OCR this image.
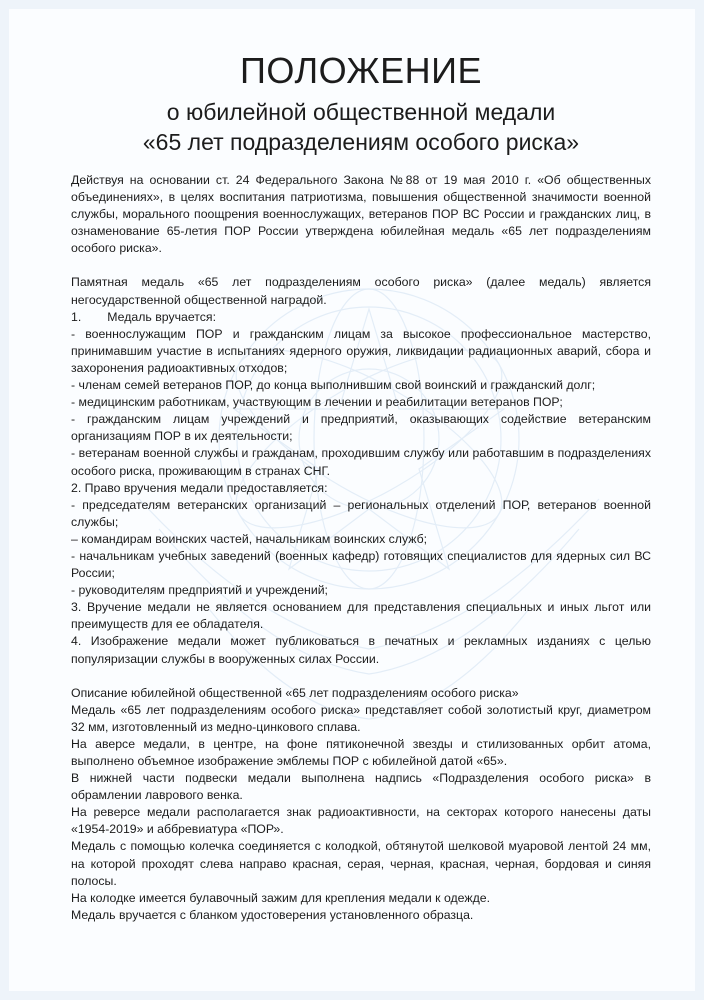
ПОЛОЖЕНИЕ
о юбилейной общественной медали
«65 лет подразделениям особого риска»

Действуя на основании ст. 24 Федерального Закона №88 от 19 мая 2010 г. «Об общественных объединениях», в целях воспитания патриотизма, повышения общественной значимости военной службы, морального поощрения военнослужащих, ветеранов ПОР ВС России и гражданских лиц, в ознаменование 65-летия ПОР России утверждена юбилейная медаль «65 лет подразделениям особого риска».

Памятная медаль «65 лет подразделениям особого риска» (далее медаль) является негосударственной общественной наградой.

1. Медаль вручается:

- военнослужащим ПОР и гражданским лицам за высокое профессиональное мастерство, принимавшим участие в испытаниях ядерного оружия, ликвидации радиационных аварий, сбора и захоронения радиоактивных отходов;

- членам семей ветеранов ПОР, до конца выполнившим свой воинский и гражданский долг;

- медицинским работникам, участвующим в лечении и реабилитации ветеранов ПОР;

- гражданским лицам учреждений и предприятий, оказывающих содействие ветеранским организациям ПОР в их деятельности;

- ветеранам военной службы и гражданам, проходившим службу или работавшим в подразделениях особого риска, проживающим в странах СНГ.

2. Право вручения медали предоставляется:

- председателям ветеранских организаций – региональных отделений ПОР, ветеранов военной службы;

– командирам воинских частей, начальникам воинских служб;

- начальникам учебных заведений (военных кафедр) готовящих специалистов для ядерных сил ВС России;

- руководителям предприятий и учреждений;

3. Вручение медали не является основанием для представления специальных и иных льгот или преимуществ для ее обладателя.

4. Изображение медали может публиковаться в печатных и рекламных изданиях с целью популяризации службы в вооруженных силах России.

Описание юбилейной общественной «65 лет подразделениям особого риска»

Медаль «65 лет подразделениям особого риска» представляет собой золотистый круг, диаметром 32 мм, изготовленный из медно-цинкового сплава.

На аверсе медали, в центре, на фоне пятиконечной звезды и стилизованных орбит атома, выполнено объемное изображение эмблемы ПОР с юбилейной датой «65».

В нижней части подвески медали выполнена надпись «Подразделения особого риска» в обрамлении лаврового венка.

На реверсе медали располагается знак радиоактивности, на секторах которого нанесены даты «1954-2019» и аббревиатура «ПОР».

Медаль с помощью колечка соединяется с колодкой, обтянутой шелковой муаровой лентой 24 мм, на которой проходят слева направо красная, серая, черная, красная, черная, бордовая и синяя полосы.

На колодке имеется булавочный зажим для крепления медали к одежде.

Медаль вручается с бланком удостоверения установленного образца.
